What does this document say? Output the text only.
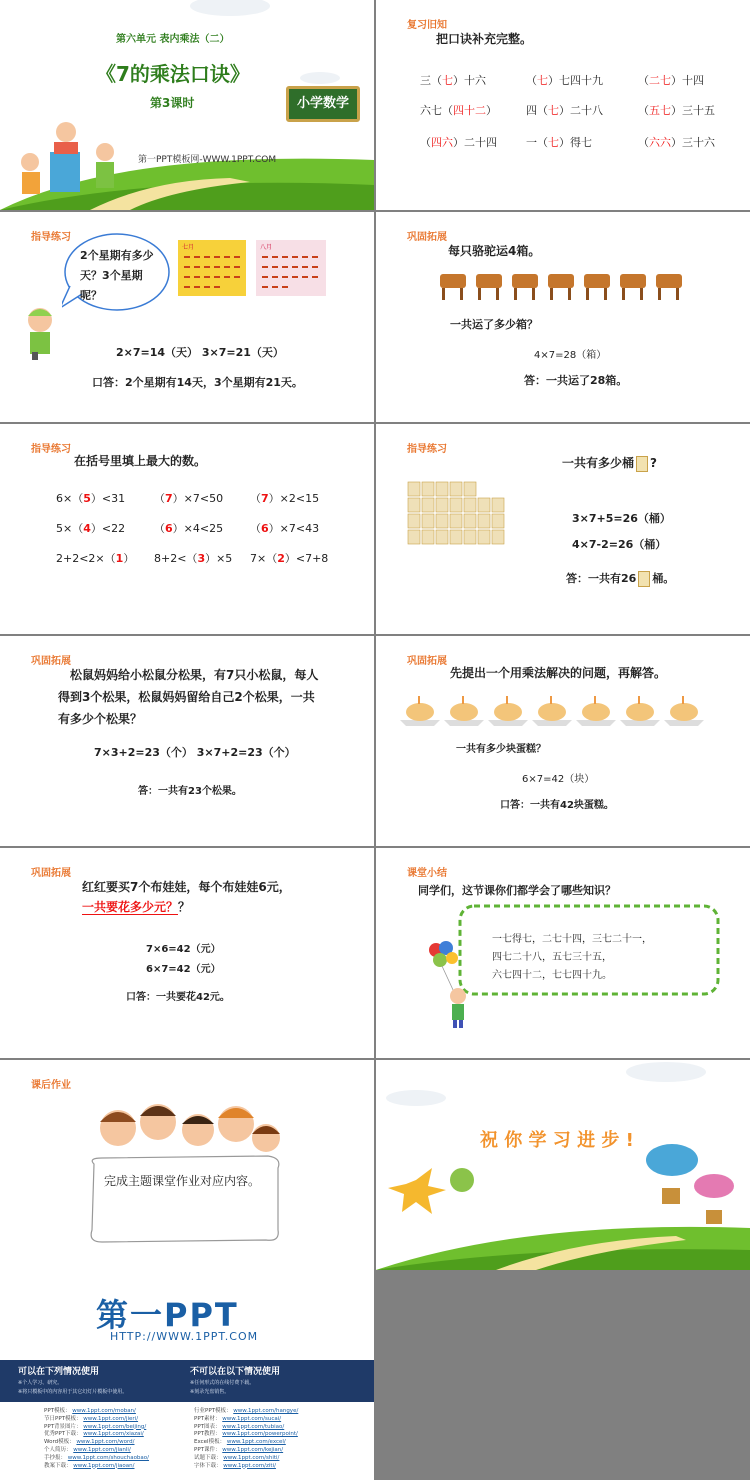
第六单元 表内乘法（二）
《7的乘法口诀》
第3课时	小学数学
第一PPT模板网-WWW.1PPT.COM
复习旧知
把口诀补充完整。
三（七）十六	（七）七四十九	（二七）十四
六七（四十二）	四（七）二十八	（五七）三十五
（四六）二十四	一（七）得七	（六六）三十六
指导练习
2个星期有多少天？3个星期呢？
七月	八月
2×7=14（天） 3×7=21（天）
口答：2个星期有14天，3个星期有21天。
巩固拓展
每只骆驼运4箱。
一共运了多少箱？
4×7=28（箱）
答：一共运了28箱。
指导练习
在括号里填上最大的数。
6×（5）<31	（7）×7<50 （7）×2<15
5×（4）<22	（6）×4<25 （6）×7<43
2+2<2×（1） 8+2<（3）×5 7×（2）<7+8
指导练习
一共有多少桶 ?
3×7+5=26（桶）
4×7-2=26（桶）
答：一共有26 桶。
巩固拓展
松鼠妈妈给小松鼠分松果，有7只小松鼠，每人
得到3个松果，松鼠妈妈留给自己2个松果，一共
有多少个松果？
7×3+2=23（个） 3×7+2=23（个）
答：一共有23个松果。
巩固拓展
先提出一个用乘法解决的问题，再解答。
一共有多少块蛋糕？
6×7=42（块）
口答：一共有42块蛋糕。
巩固拓展
红红要买7个布娃娃，每个布娃娃6元，
一共要花多少元？？
7×6=42（元）
6×7=42（元）
口答：一共要花42元。
课堂小结
同学们，这节课你们都学会了哪些知识？
一七得七，二七十四，三七二十一，
四七二十八，五七三十五，
六七四十二，七七四十九。
课后作业
完成主题课堂作业对应内容。
祝 你 学 习 进 步 !
第一PPT
HTTP://WWW.1PPT.COM
可以在下列情况使用
※个人学习、研究。
※将只模板中的内容用于其它幻灯片模板中使用。
不可以在以下情况使用
※任何形式的在线付费下载。
※刻录光盘销售。
PPT模板： www.1ppt.com/moban/
节日PPT模板： www.1ppt.com/jieri/
PPT背景图片： www.1ppt.com/beijing/
优秀PPT下载： www.1ppt.com/xiazai/
Word模板： www.1ppt.com/word/
个人简历： www.1ppt.com/jianli/
手抄报： www.1ppt.com/shouchaobao/
教案下载： www.1ppt.com/jiaoan/
行业PPT模板： www.1ppt.com/hangye/
PPT素材： www.1ppt.com/sucai/
PPT图表： www.1ppt.com/tubiao/
PPT教程： www.1ppt.com/powerpoint/
Excel模板： www.1ppt.com/excel/
PPT课件： www.1ppt.com/kejian/
试题下载： www.1ppt.com/shiti/
字体下载： www.1ppt.com/ziti/
